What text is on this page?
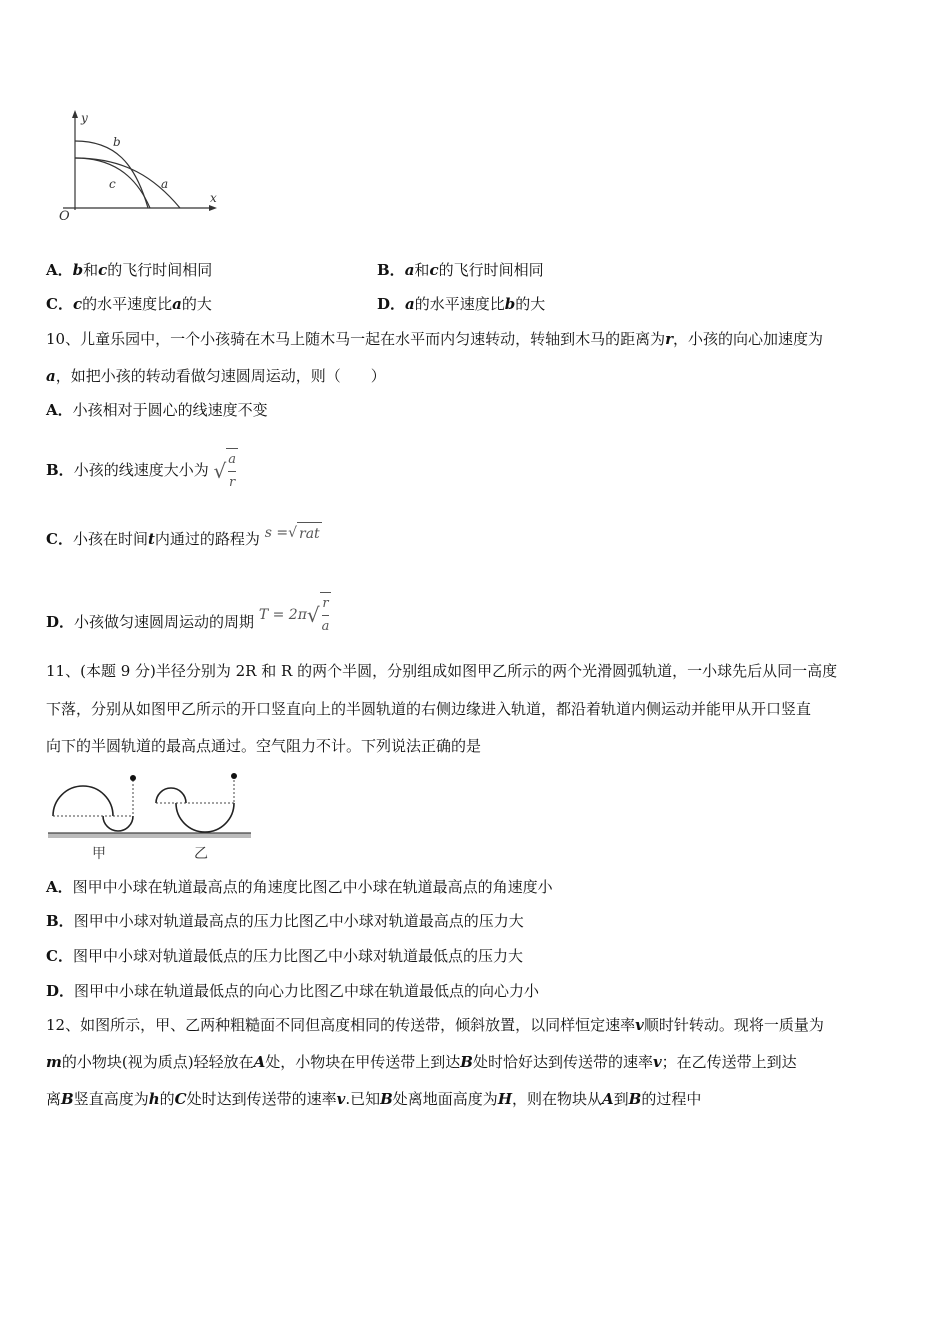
y
x
O
b
c	a
A．b和c的飞行时间相同	B．a和c的飞行时间相同
C．c的水平速度比a的大	D．a的水平速度比b的大
10、儿童乐园中，一个小孩骑在木马上随木马一起在水平而内匀速转动，转轴到木马的距离为r，小孩的向心加速度为
a，如把小孩的转动看做匀速圆周运动，则（　　）
A．小孩相对于圆心的线速度不变
B．小孩的线速度大小为 √ $\frac{a}{r}$
C．小孩在时间t内通过的路程为 s =√ rat
D．小孩做匀速圆周运动的周期 $T = 2\pi√ \frac{r}{a}$
11、(本题 9 分)半径分别为 2R 和 R 的两个半圆，分别组成如图甲乙所示的两个光滑圆弧轨道，一小球先后从同一高度
下落，分别从如图甲乙所示的开口竖直向上的半圆轨道的右侧边缘进入轨道，都沿着轨道内侧运动并能甲从开口竖直
向下的半圆轨道的最高点通过。空气阻力不计。下列说法正确的是
甲	乙
A．图甲中小球在轨道最高点的角速度比图乙中小球在轨道最高点的角速度小
B．图甲中小球对轨道最高点的压力比图乙中小球对轨道最高点的压力大
C．图甲中小球对轨道最低点的压力比图乙中小球对轨道最低点的压力大
D．图甲中小球在轨道最低点的向心力比图乙中球在轨道最低点的向心力小
12、如图所示，甲、乙两种粗糙面不同但高度相同的传送带，倾斜放置，以同样恒定速率v顺时针转动。现将一质量为
m的小物块(视为质点)轻轻放在A处，小物块在甲传送带上到达B处时恰好达到传送带的速率v；在乙传送带上到达
离B竖直高度为h的C处时达到传送带的速率v.已知B处离地面高度为H，则在物块从A到B的过程中
